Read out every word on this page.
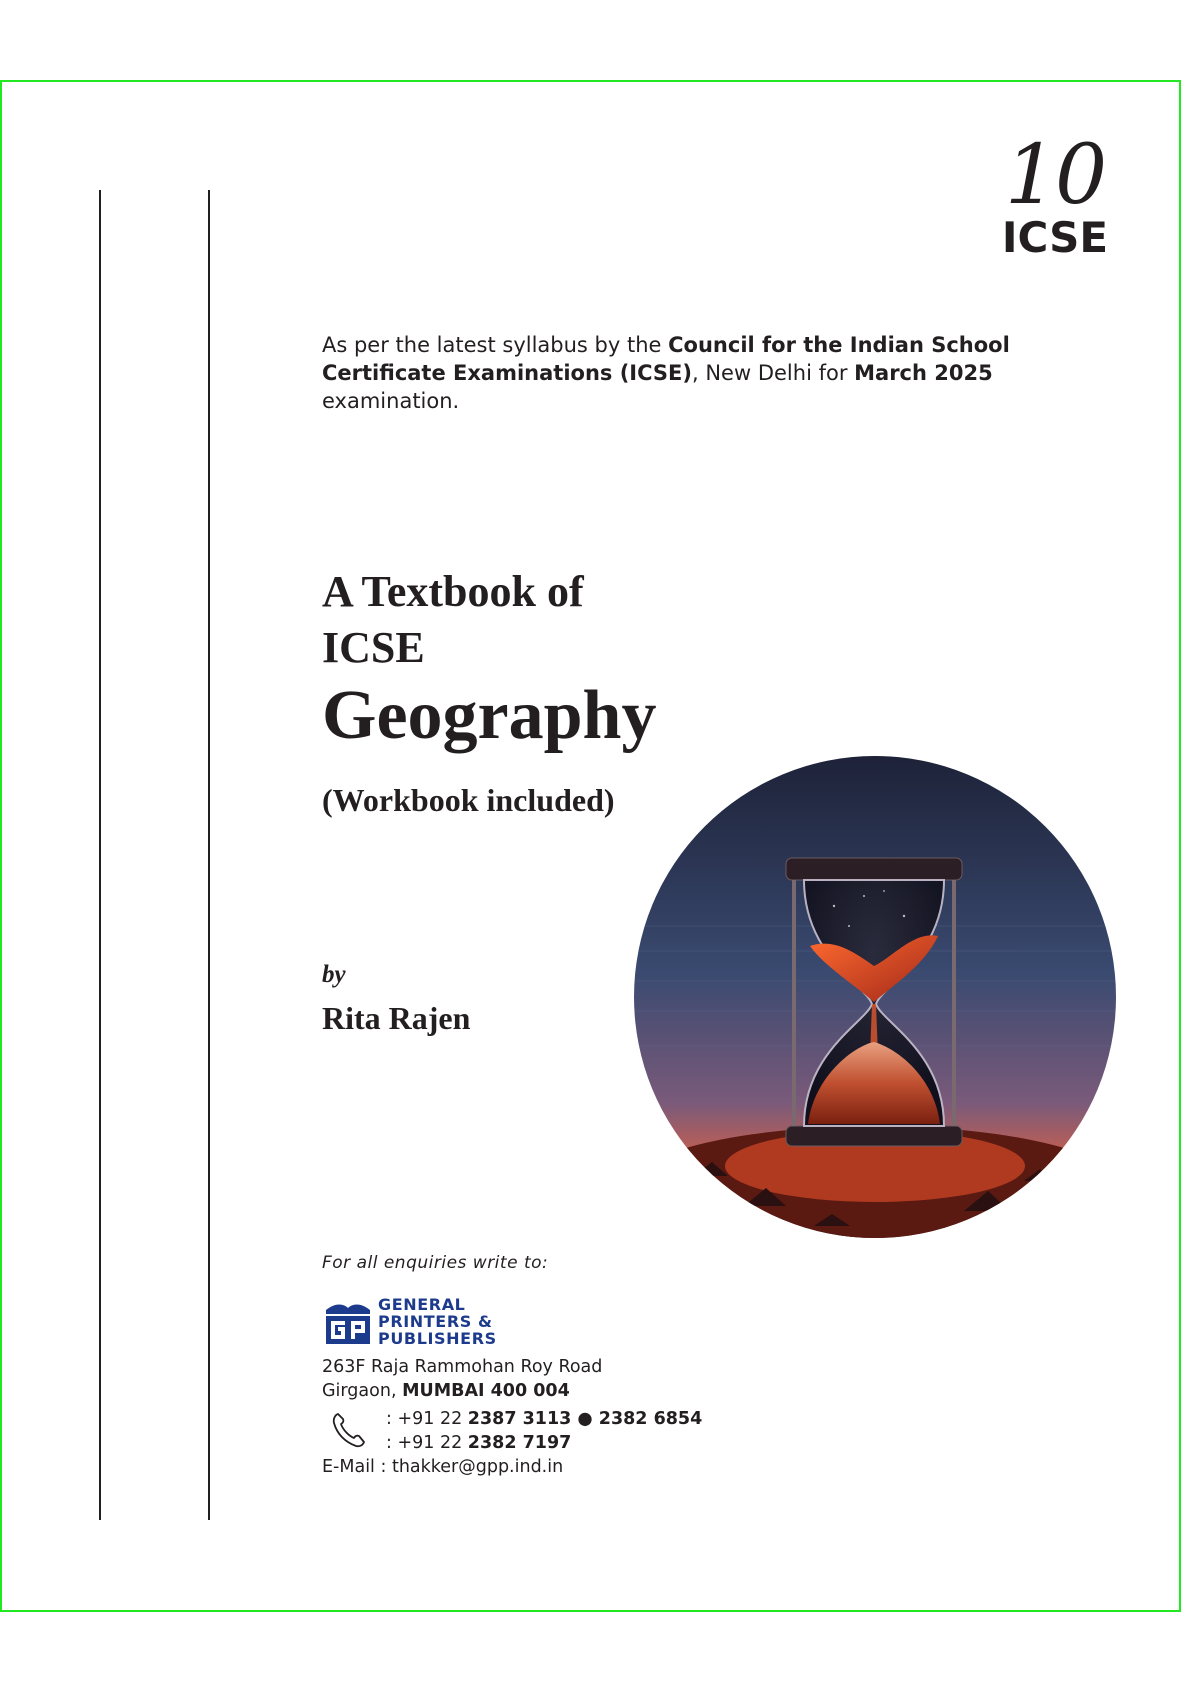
10
ICSE
As per the latest syllabus by the Council for the Indian School Certificate Examinations (ICSE), New Delhi for March 2025 examination.
A Textbook of
ICSE
Geography
(Workbook included)
by
Rita Rajen
For all enquiries write to:
GENERAL
PRINTERS &
PUBLISHERS
263F Raja Rammohan Roy Road
Girgaon, MUMBAI 400 004
: +91 22 2387 3113 ● 2382 6854
: +91 22 2382 7197
E-Mail : thakker@gpp.ind.in
